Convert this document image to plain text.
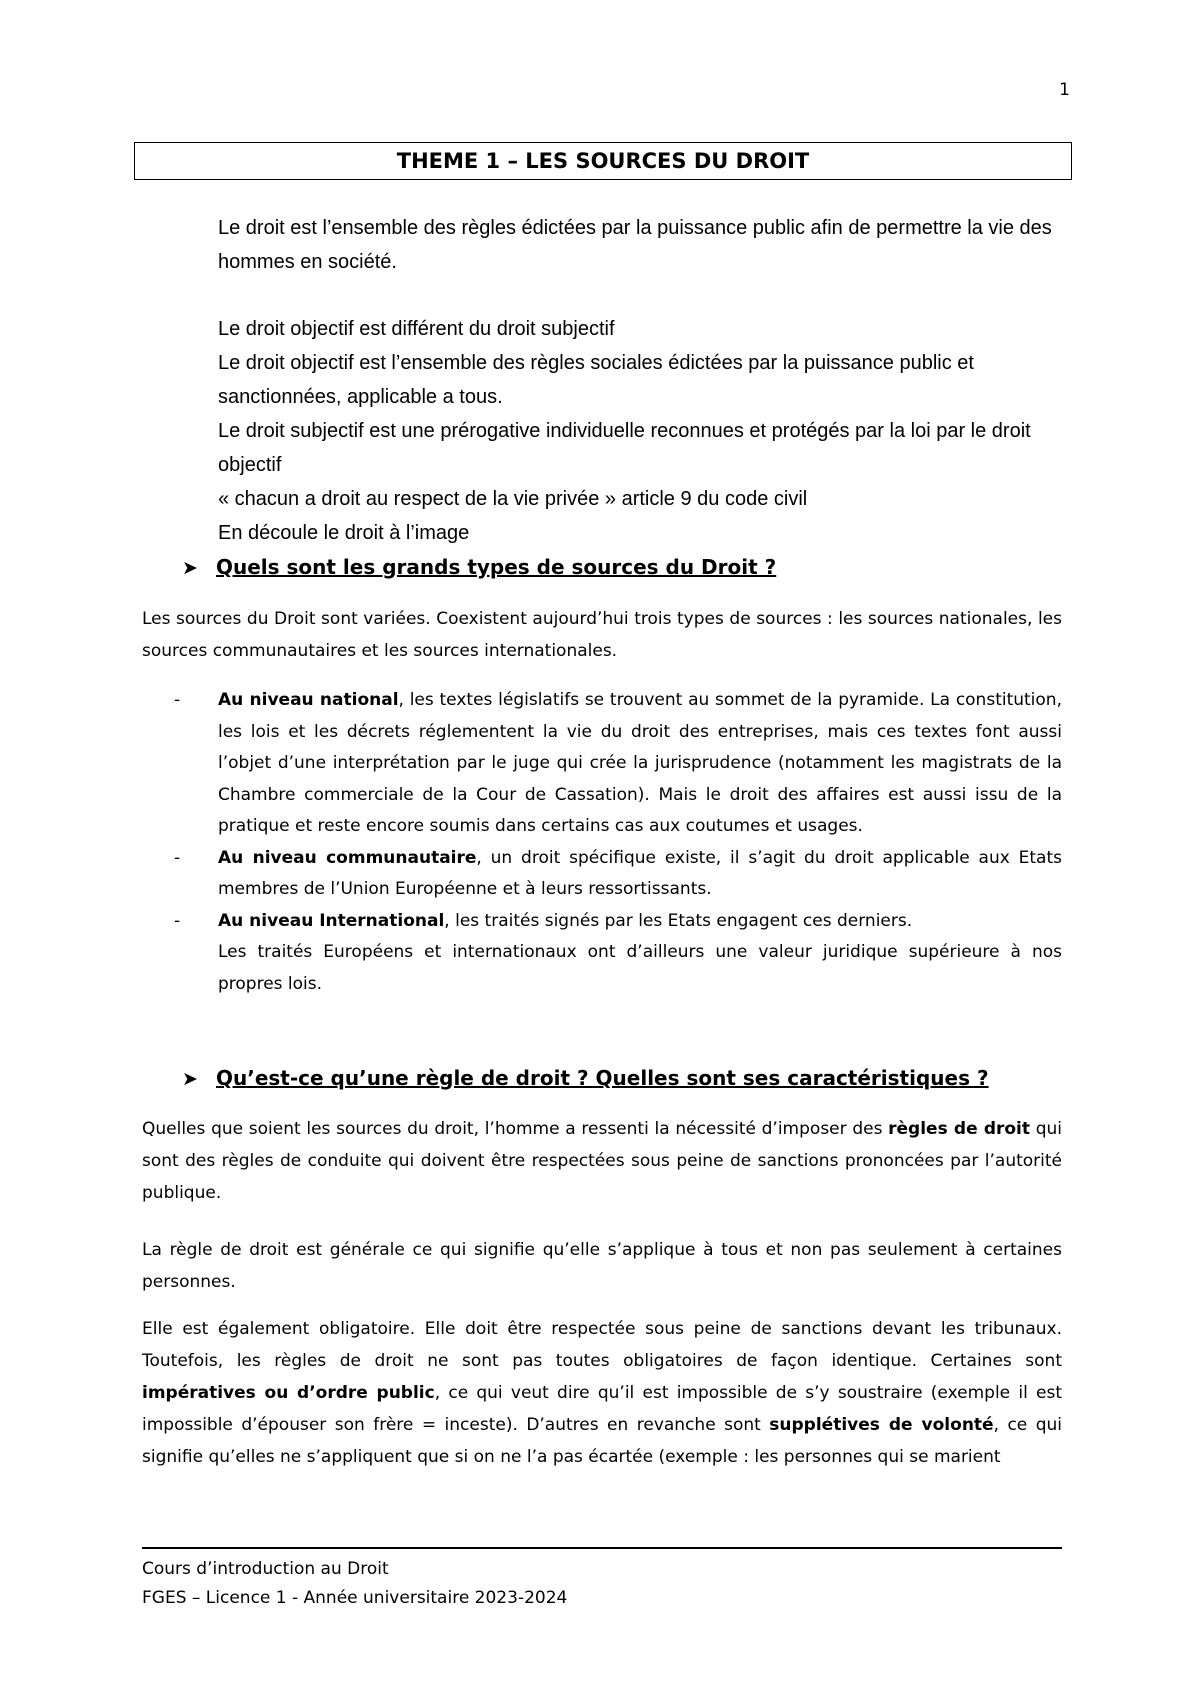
1
THEME 1 – LES SOURCES DU DROIT

Le droit est l’ensemble des règles édictées par la puissance public afin de permettre la vie des hommes en société.

Le droit objectif est différent du droit subjectif

Le droit objectif est l’ensemble des règles sociales édictées par la puissance public et sanctionnées, applicable a tous.

Le droit subjectif est une prérogative individuelle reconnues et protégés par la loi par le droit objectif

« chacun a droit au respect de la vie privée » article 9 du code civil

En découle le droit à l’image

➤ Quels sont les grands types de sources du Droit ?

Les sources du Droit sont variées. Coexistent aujourd’hui trois types de sources : les sources nationales, les sources communautaires et les sources internationales.

- Au niveau national, les textes législatifs se trouvent au sommet de la pyramide. La constitution, les lois et les décrets réglementent la vie du droit des entreprises, mais ces textes font aussi l’objet d’une interprétation par le juge qui crée la jurisprudence (notamment les magistrats de la Chambre commerciale de la Cour de Cassation). Mais le droit des affaires est aussi issu de la pratique et reste encore soumis dans certains cas aux coutumes et usages.
- Au niveau communautaire, un droit spécifique existe, il s’agit du droit applicable aux Etats membres de l’Union Européenne et à leurs ressortissants.
- Au niveau International, les traités signés par les Etats engagent ces derniers.
Les traités Européens et internationaux ont d’ailleurs une valeur juridique supérieure à nos propres lois.
➤ Qu’est-ce qu’une règle de droit ? Quelles sont ses caractéristiques ?

Quelles que soient les sources du droit, l’homme a ressenti la nécessité d’imposer des règles de droit qui sont des règles de conduite qui doivent être respectées sous peine de sanctions prononcées par l’autorité publique.

La règle de droit est générale ce qui signifie qu’elle s’applique à tous et non pas seulement à certaines personnes.

Elle est également obligatoire. Elle doit être respectée sous peine de sanctions devant les tribunaux. Toutefois, les règles de droit ne sont pas toutes obligatoires de façon identique. Certaines sont impératives ou d’ordre public, ce qui veut dire qu’il est impossible de s’y soustraire (exemple il est impossible d’épouser son frère = inceste). D’autres en revanche sont supplétives de volonté, ce qui signifie qu’elles ne s’appliquent que si on ne l’a pas écartée (exemple : les personnes qui se marient

Cours d’introduction au Droit
FGES – Licence 1 - Année universitaire 2023-2024
